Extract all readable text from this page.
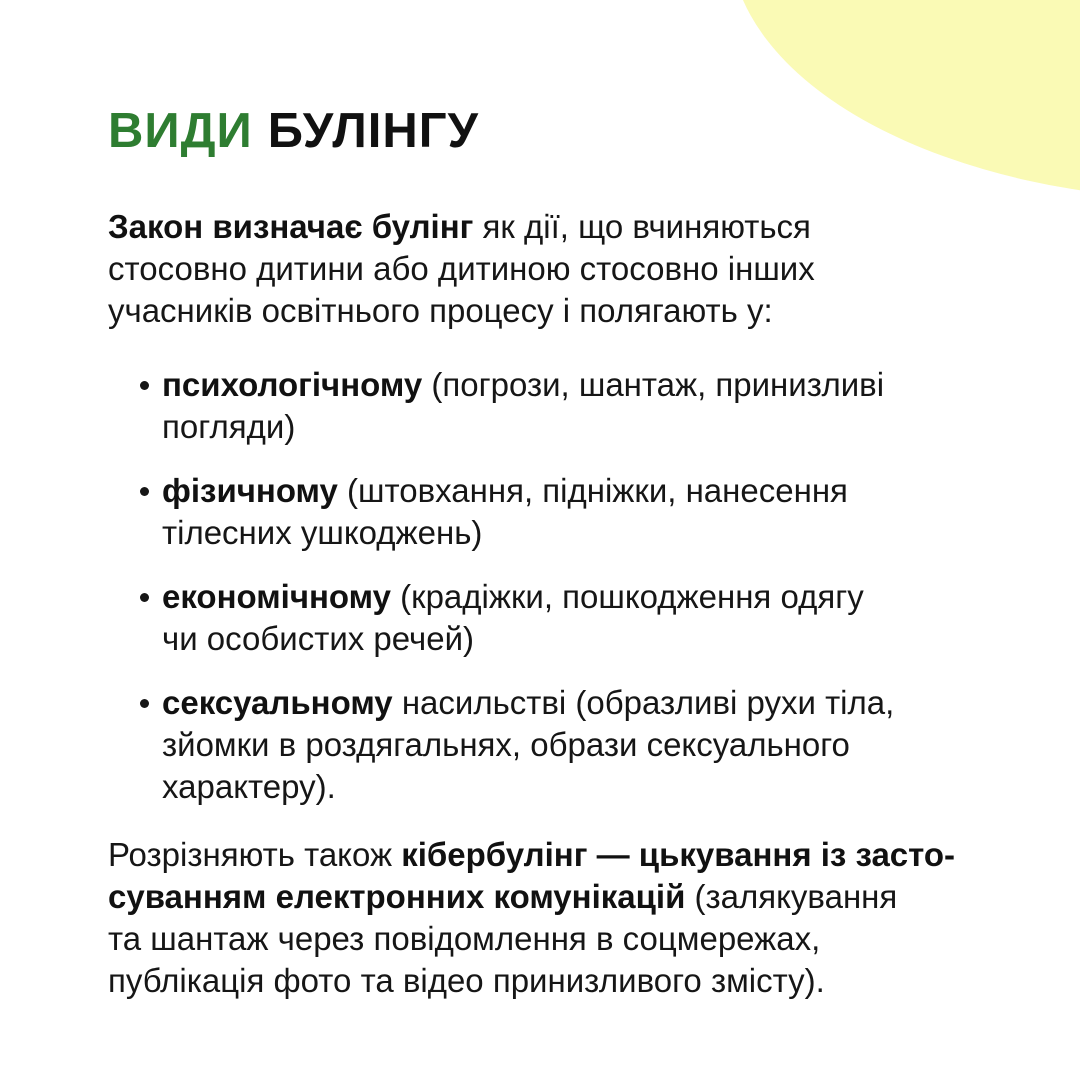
ВИДИ БУЛІНГУ

Закон визначає булінг як дії, що вчиняються
стосовно дитини або дитиною стосовно інших
учасників освітнього процесу і полягають у:

психологічному (погрози, шантаж, принизливі
погляди)
фізичному (штовхання, підніжки, нанесення
тілесних ушкоджень)
економічному (крадіжки, пошкодження одягу
чи особистих речей)
сексуальному насильстві (образливі рухи тіла,
зйомки в роздягальнях, образи сексуального
характеру).

Розрізняють також кібербулінг — цькування із засто-
суванням електронних комунікацій (залякування
та шантаж через повідомлення в соцмережах,
публікація фото та відео принизливого змісту).
